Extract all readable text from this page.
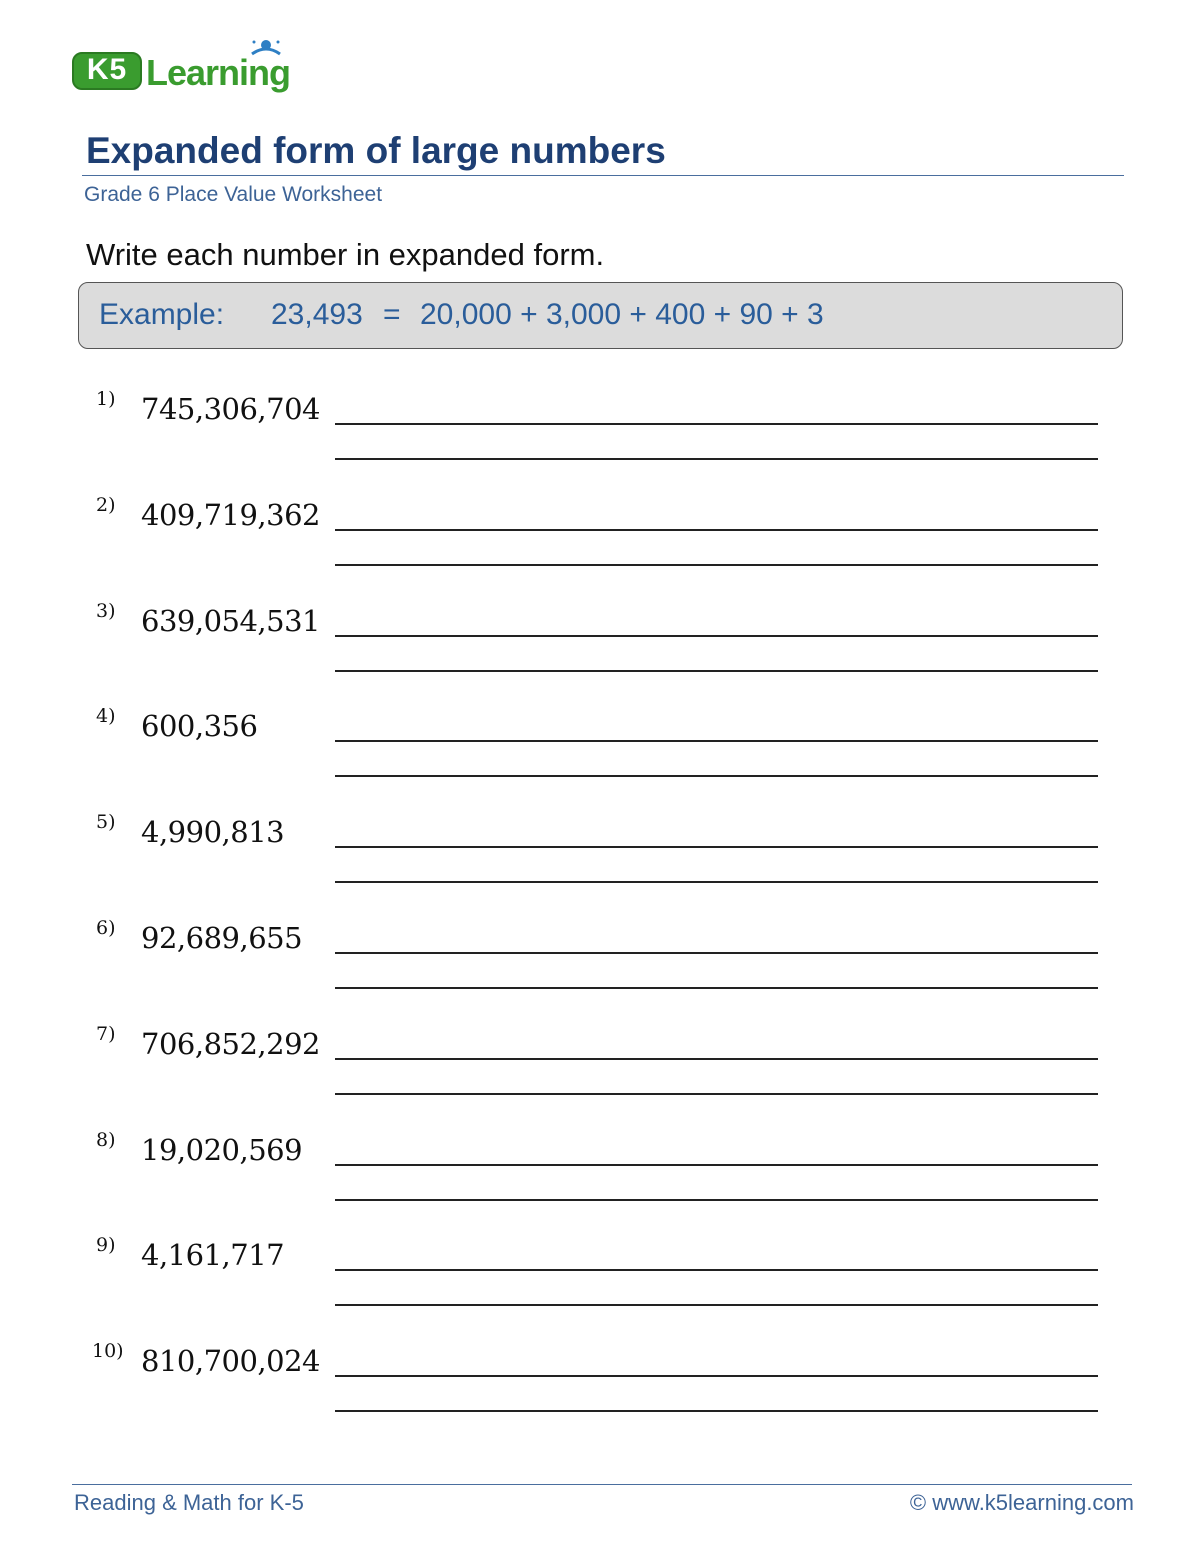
K5 Learning
Expanded form of large numbers
Grade 6 Place Value Worksheet
Write each number in expanded form.
Example: 23,493 = 20,000 + 3,000 + 400 + 90 + 3
1) 745,306,704
2) 409,719,362
3) 639,054,531
4) 600,356
5) 4,990,813
6) 92,689,655
7) 706,852,292
8) 19,020,569
9) 4,161,717
10) 810,700,024
Reading & Math for K-5	© www.k5learning.com
